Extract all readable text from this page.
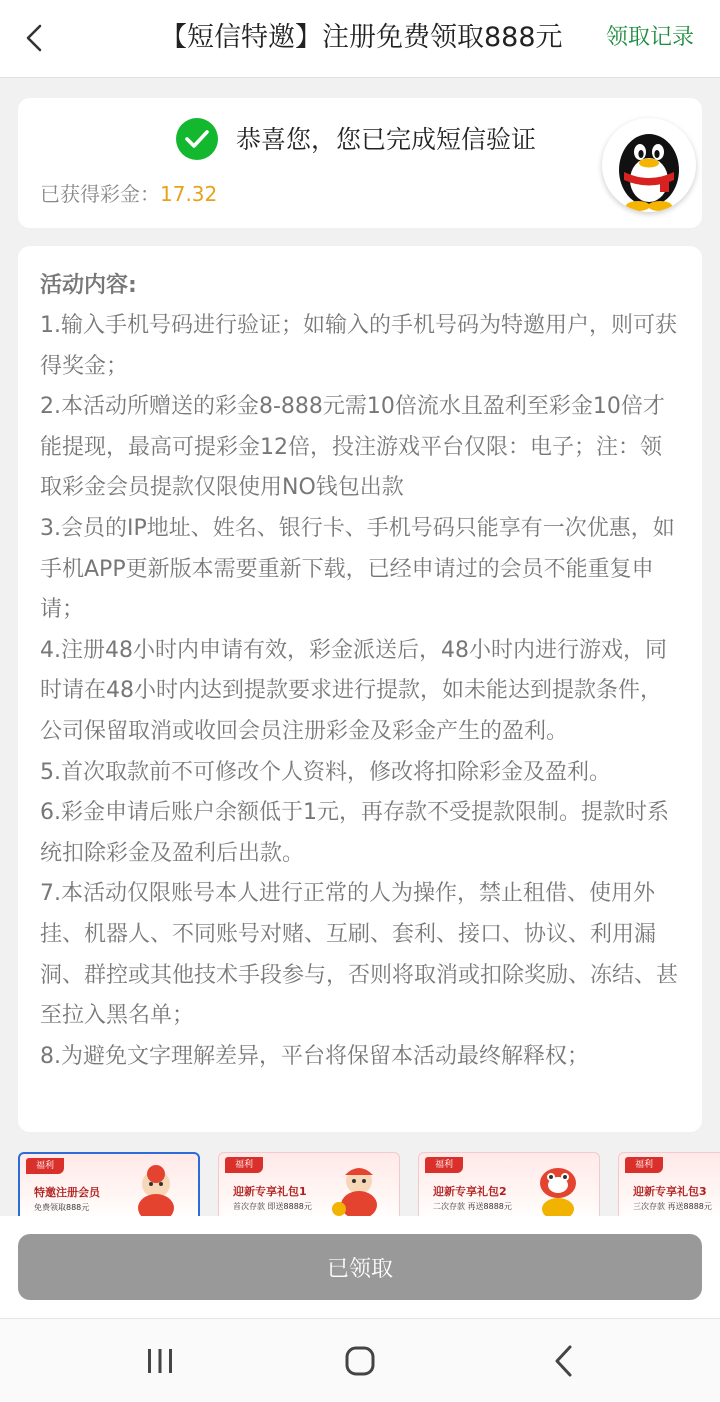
【短信特邀】注册免费领取888元	领取记录
恭喜您，您已完成短信验证
已获得彩金：17.32
活动内容:
1.输入手机号码进行验证；如输入的手机号码为特邀用户，则可获得奖金；
2.本活动所赠送的彩金8-888元需10倍流水且盈利至彩金10倍才能提现，最高可提彩金12倍，投注游戏平台仅限：电子；注：领取彩金会员提款仅限使用NO钱包出款
3.会员的IP地址、姓名、银行卡、手机号码只能享有一次优惠，如手机APP更新版本需要重新下载，已经申请过的会员不能重复申请；
4.注册48小时内申请有效，彩金派送后，48小时内进行游戏，同时请在48小时内达到提款要求进行提款，如未能达到提款条件，公司保留取消或收回会员注册彩金及彩金产生的盈利。
5.首次取款前不可修改个人资料，修改将扣除彩金及盈利。
6.彩金申请后账户余额低于1元，再存款不受提款限制。提款时系统扣除彩金及盈利后出款。
7.本活动仅限账号本人进行正常的人为操作，禁止租借、使用外挂、机器人、不同账号对赌、互刷、套利、接口、协议、利用漏洞、群控或其他技术手段参与，否则将取消或扣除奖励、冻结、甚至拉入黑名单；
8.为避免文字理解差异，平台将保留本活动最终解释权；
福利
特邀注册会员
免费领取888元
福利
迎新专享礼包1
首次存款 即送8888元
福利
迎新专享礼包2
二次存款 再送8888元
福利
迎新专享礼包3
三次存款 再送8888元
已领取
